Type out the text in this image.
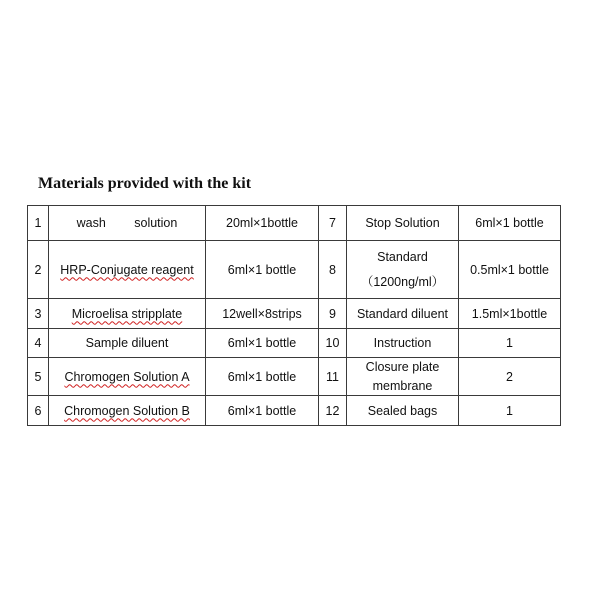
Materials provided with the kit
1	wash   solution	20ml×1bottle	7	Stop Solution	6ml×1 bottle
2	HRP-Conjugate reagent	6ml×1 bottle	8	Standard
（1200ng/ml）	0.5ml×1 bottle
3	Microelisa stripplate	12well×8strips	9	Standard diluent	1.5ml×1bottle
4	Sample diluent	6ml×1 bottle	10	Instruction	1
5	Chromogen Solution A	6ml×1 bottle	11	Closure plate
membrane	2
6	Chromogen Solution B	6ml×1 bottle	12	Sealed bags	1
